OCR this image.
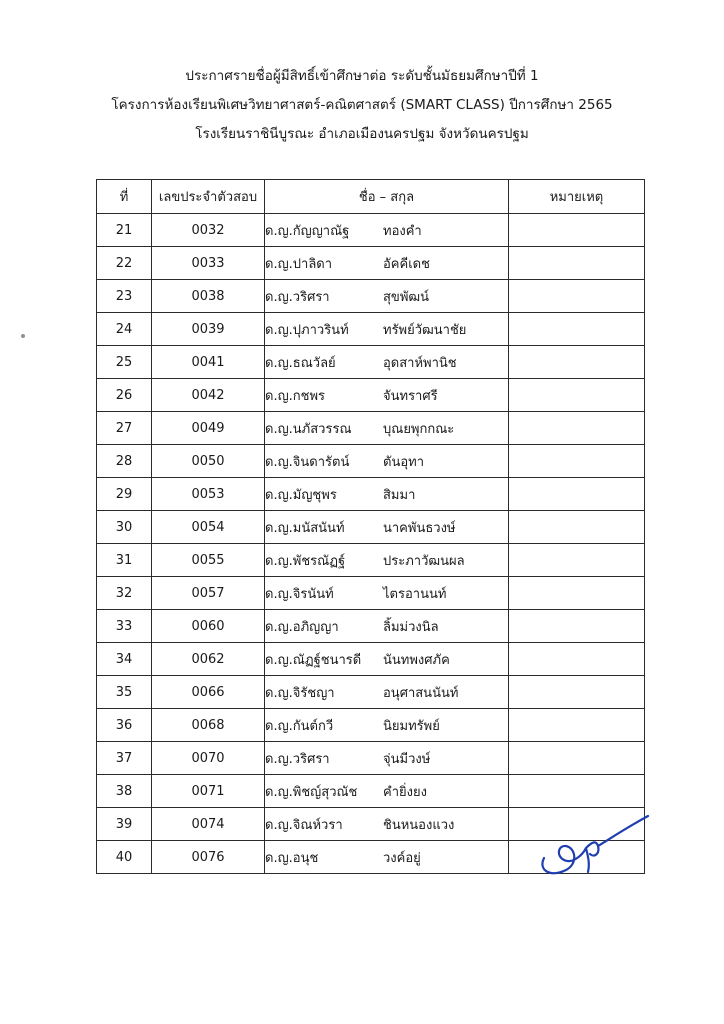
ประกาศรายชื่อผู้มีสิทธิ์เข้าศึกษาต่อ ระดับชั้นมัธยมศึกษาปีที่ 1
โครงการห้องเรียนพิเศษวิทยาศาสตร์-คณิตศาสตร์ (SMART CLASS) ปีการศึกษา 2565
โรงเรียนราชินีบูรณะ อำเภอเมืองนครปฐม จังหวัดนครปฐม
ที่	เลขประจำตัวสอบ	ชื่อ – สกุล	หมายเหตุ
21	0032	ด.ญ.กัญญาณัฐ ทองคำ	
22	0033	ด.ญ.ปาลิดา อัคคีเดช	
23	0038	ด.ญ.วริศรา สุขพัฒน์	
24	0039	ด.ญ.ปุภาวรินท์ ทรัพย์วัฒนาชัย	
25	0041	ด.ญ.ธณวัลย์ อุดสาห์พานิช	
26	0042	ด.ญ.กชพร จันทราศรี	
27	0049	ด.ญ.นภัสวรรณ บุณยพุกกณะ	
28	0050	ด.ญ.จินดารัตน์ ตันอุทา	
29	0053	ด.ญ.มัญชุพร สิมมา	
30	0054	ด.ญ.มนัสนันท์ นาคพันธวงษ์	
31	0055	ด.ญ.พัชรณัฏฐ์ ประภาวัฒนผล	
32	0057	ด.ญ.จิรนันท์ ไตรอานนท์	
33	0060	ด.ญ.อภิญญา ลิ้มม่วงนิล	
34	0062	ด.ญ.ณัฏฐ์ชนารดี นันทพงศภัค	
35	0066	ด.ญ.จิรัชญา อนุศาสนนันท์	
36	0068	ด.ญ.กันต์กวี นิยมทรัพย์	
37	0070	ด.ญ.วริศรา จุ่นมีวงษ์	
38	0071	ด.ญ.พิชญ์สุวณัช คำยิ่งยง	
39	0074	ด.ญ.จิณห์วรา ชินหนองแวง	
40	0076	ด.ญ.อนุช วงค์อยู่	
